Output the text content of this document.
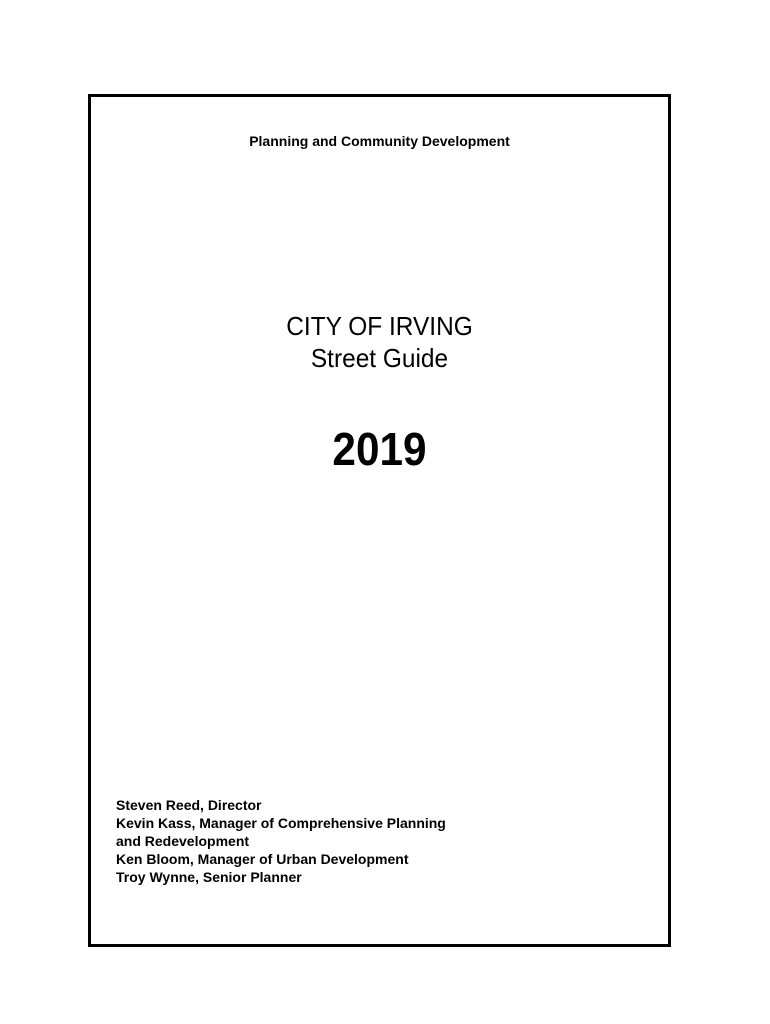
Planning and Community Development
CITY OF IRVING
Street Guide
2019
Steven Reed, Director
Kevin Kass, Manager of Comprehensive Planning
and Redevelopment
Ken Bloom, Manager of Urban Development
Troy Wynne, Senior Planner
